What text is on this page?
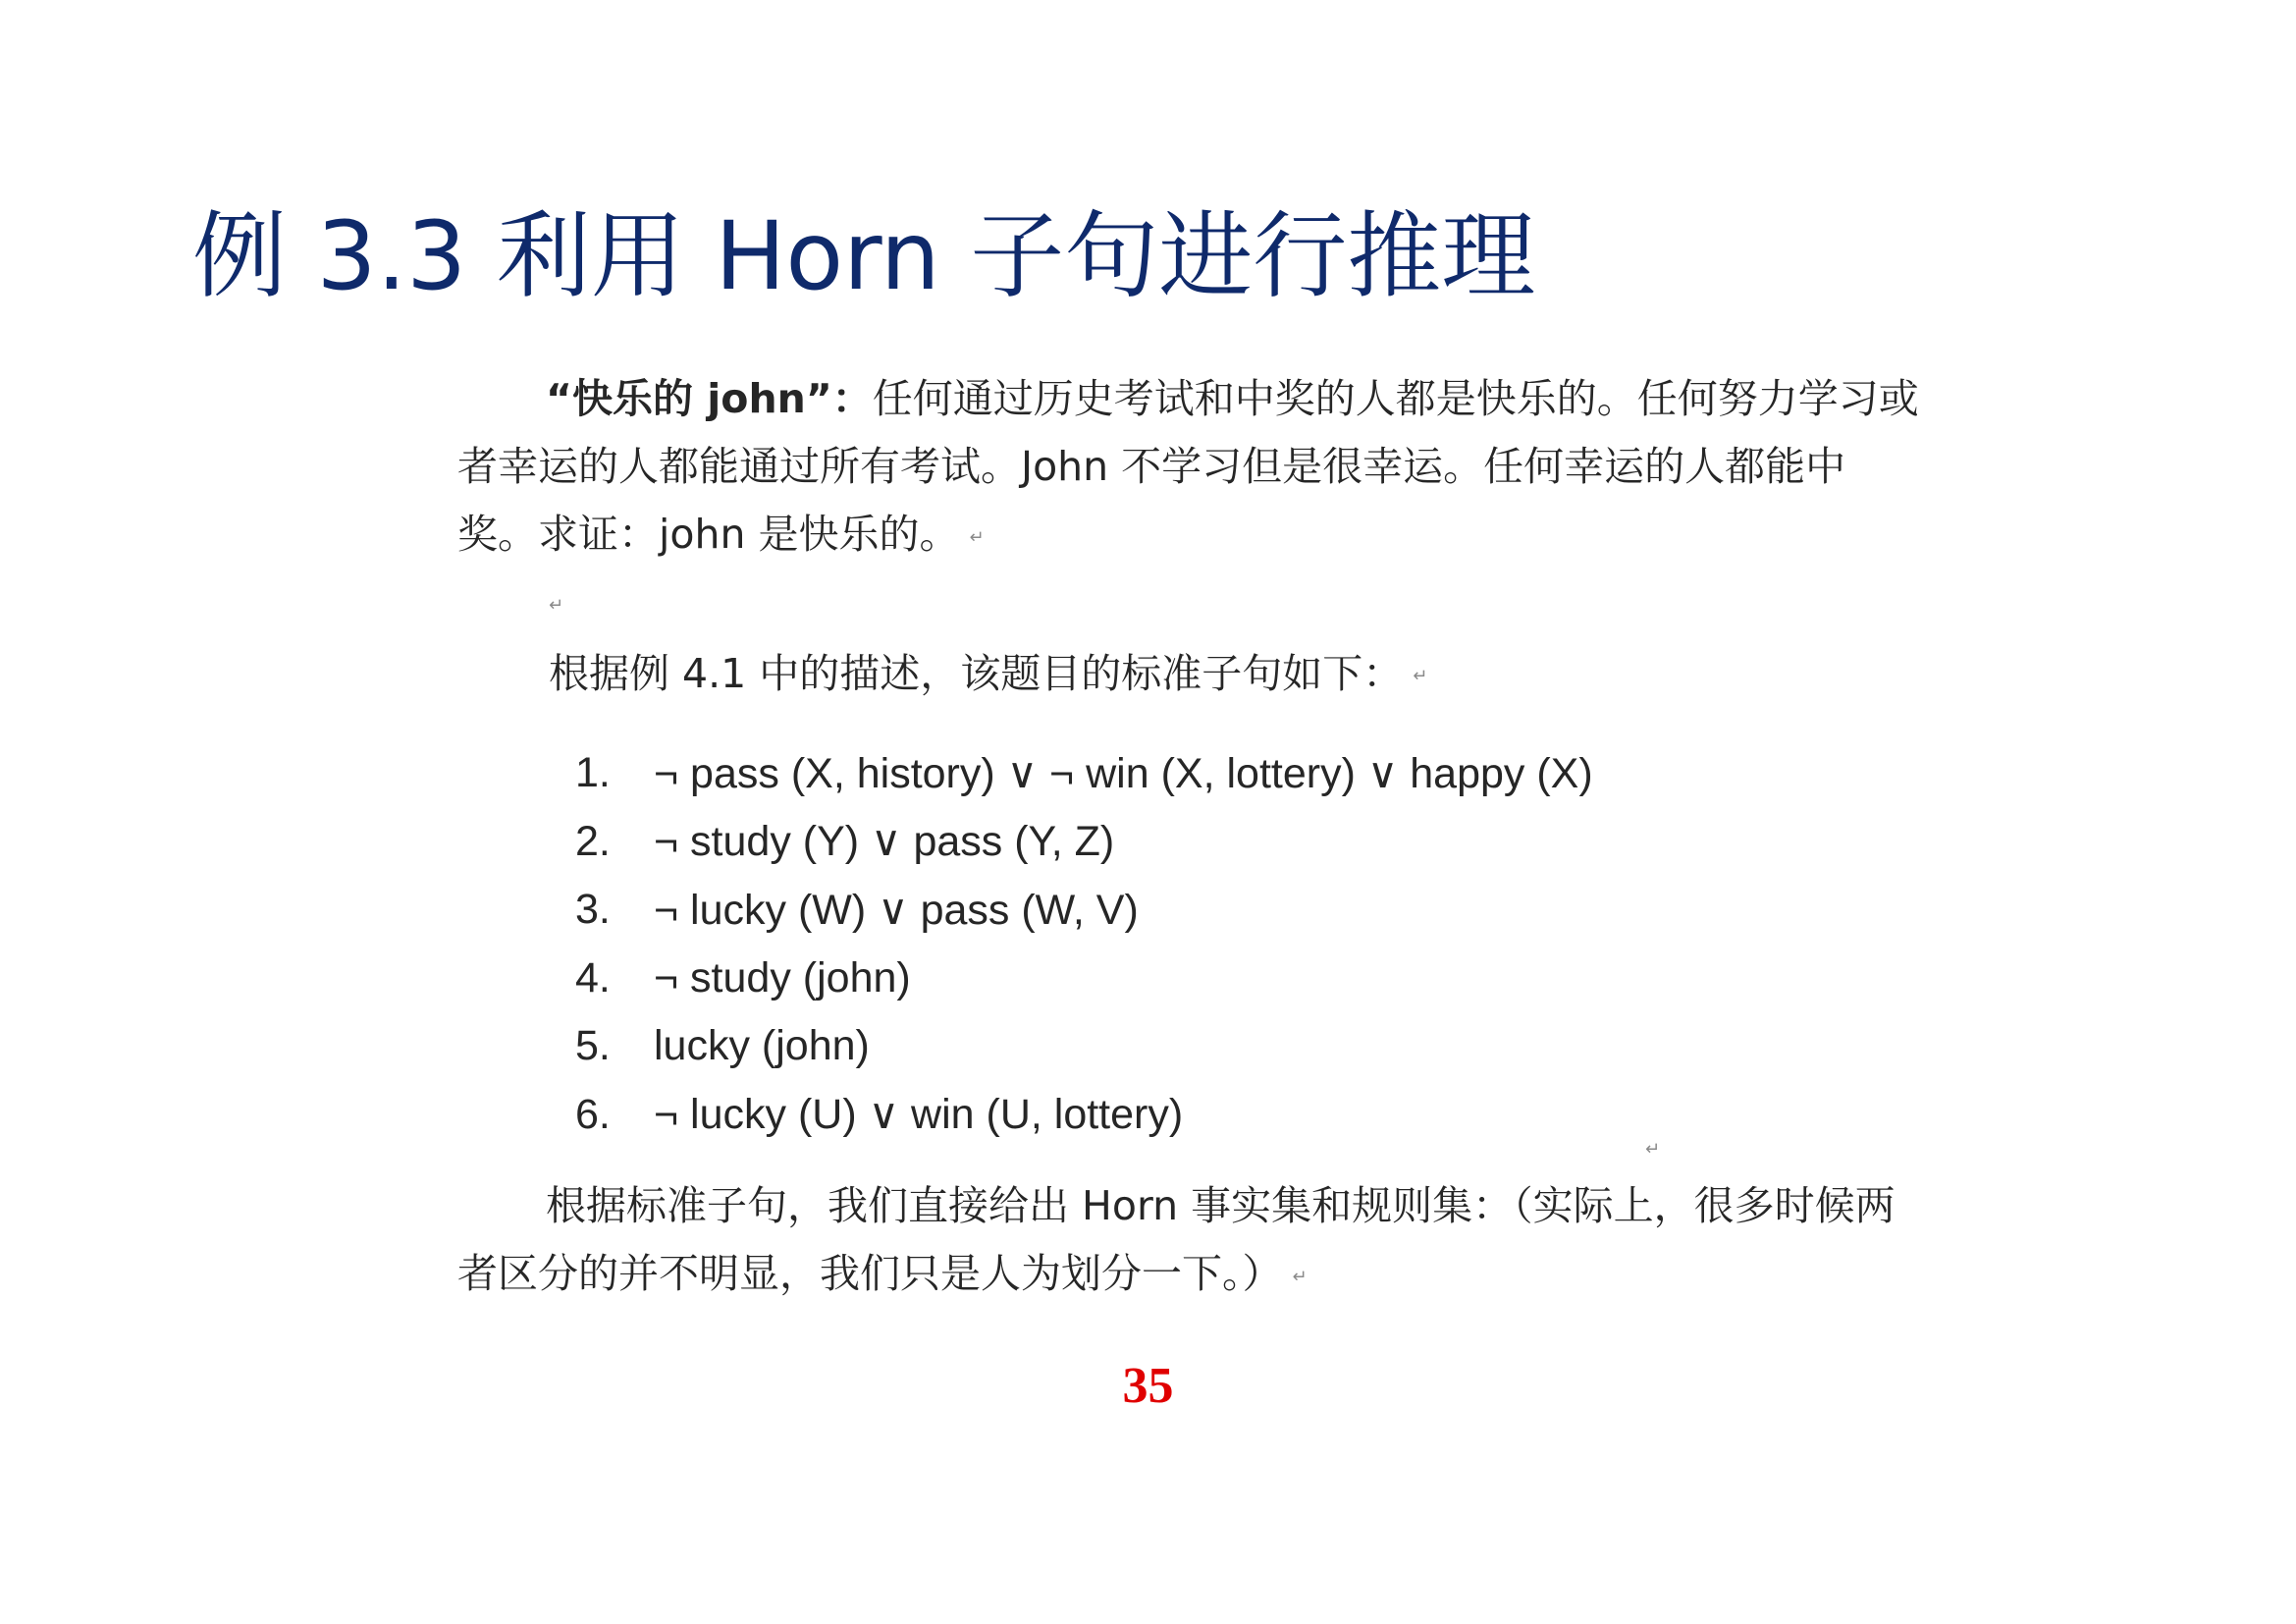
例 3.3 利用 Horn 子句进行推理

“快乐的 john”：任何通过历史考试和中奖的人都是快乐的。任何努力学习或者幸运的人都能通过所有考试。John 不学习但是很幸运。任何幸运的人都能中奖。求证：john 是快乐的。 ↵

↵

根据例 4.1 中的描述，该题目的标准子句如下： ↵

1.	¬ pass (X, history) ∨ ¬ win (X, lottery) ∨ happy (X)
2.	¬ study (Y) ∨ pass (Y, Z)
3.	¬ lucky (W) ∨ pass (W, V)
4.	¬ study (john)
5.	lucky (john)
6.	¬ lucky (U) ∨ win (U, lottery)
↵

根据标准子句，我们直接给出 Horn 事实集和规则集：（实际上，很多时候两者区分的并不明显，我们只是人为划分一下。） ↵

35
